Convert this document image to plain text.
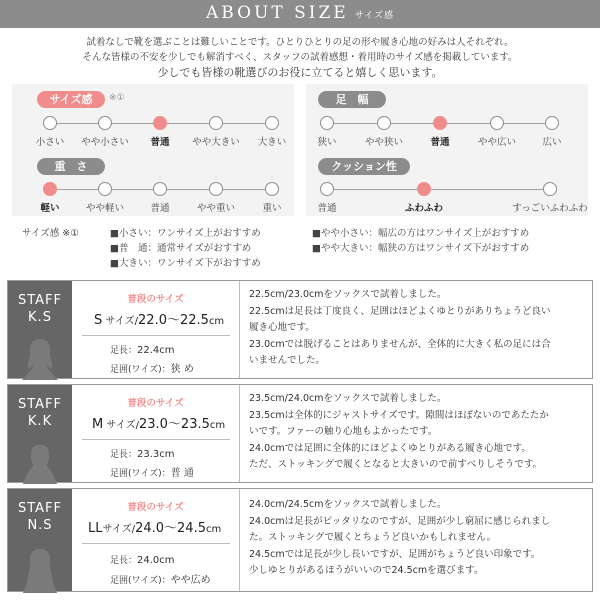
ABOUT SIZE サイズ感
試着なしで靴を選ぶことは難しいことです。ひとりひとりの足の形や履き心地の好みは人それぞれ。
そんな皆様の不安を少しでも解消すべく、スタッフの試着感想・着用時のサイズ感を掲載しています。
少しでも皆様の靴選びのお役に立てると嬉しく思います。
サイズ感	※①
小さい	やや小さい	普通	やや大きい	大きい
足　幅
狭い	やや狭い	普通	やや広い	広い
重　さ
軽い	やや軽い	普通	やや重い	重い
クッション性
普通	ふわふわ	すっごいふわふわ
サイズ感 ※①	■小さい：ワンサイズ上がおすすめ
■普　通：通常サイズがおすすめ
■大きい：ワンサイズ下がおすすめ
■やや小さい：幅広の方はワンサイズ上がおすすめ
■やや大きい：幅狭の方はワンサイズ下がおすすめ
STAFF
K.S
普段のサイズ
S サイズ/22.0～22.5cm
足長：22.4cm
足囲(ワイズ)：狭 め
22.5cm/23.0cmをソックスで試着しました。
22.5cmは足長は丁度良く、足囲はほどよくゆとりがありちょうど良い
履き心地です。
23.0cmでは脱げることはありませんが、全体的に大きく私の足には合
いませんでした。
STAFF
K.K
普段のサイズ
M サイズ/23.0～23.5cm
足長：23.3cm
足囲(ワイズ)：普 通
23.5cm/24.0cmをソックスで試着しました。
23.5cmは全体的にジャストサイズです。隙間はほぼないのであたたか
いです。ファーの触り心地もよかったです。
24.0cmでは足囲に全体的にほどよくゆとりがある履き心地です。
ただ、ストッキングで履くとなると大きいので前すべりしそうです。
STAFF
N.S
普段のサイズ
LLサイズ/24.0～24.5cm
足長：24.0cm
足囲(ワイズ)：やや広め
24.0cm/24.5cmをソックスで試着しました。
24.0cmは足長がピッタリなのですが、足囲が少し窮屈に感じられまし
た。ストッキングで履くとちょうど良いかもしれません。
24.5cmでは足長が少し長いですが、足囲がちょうど良い印象です。
少しゆとりがあるほうがいいので24.5cmを選びます。
